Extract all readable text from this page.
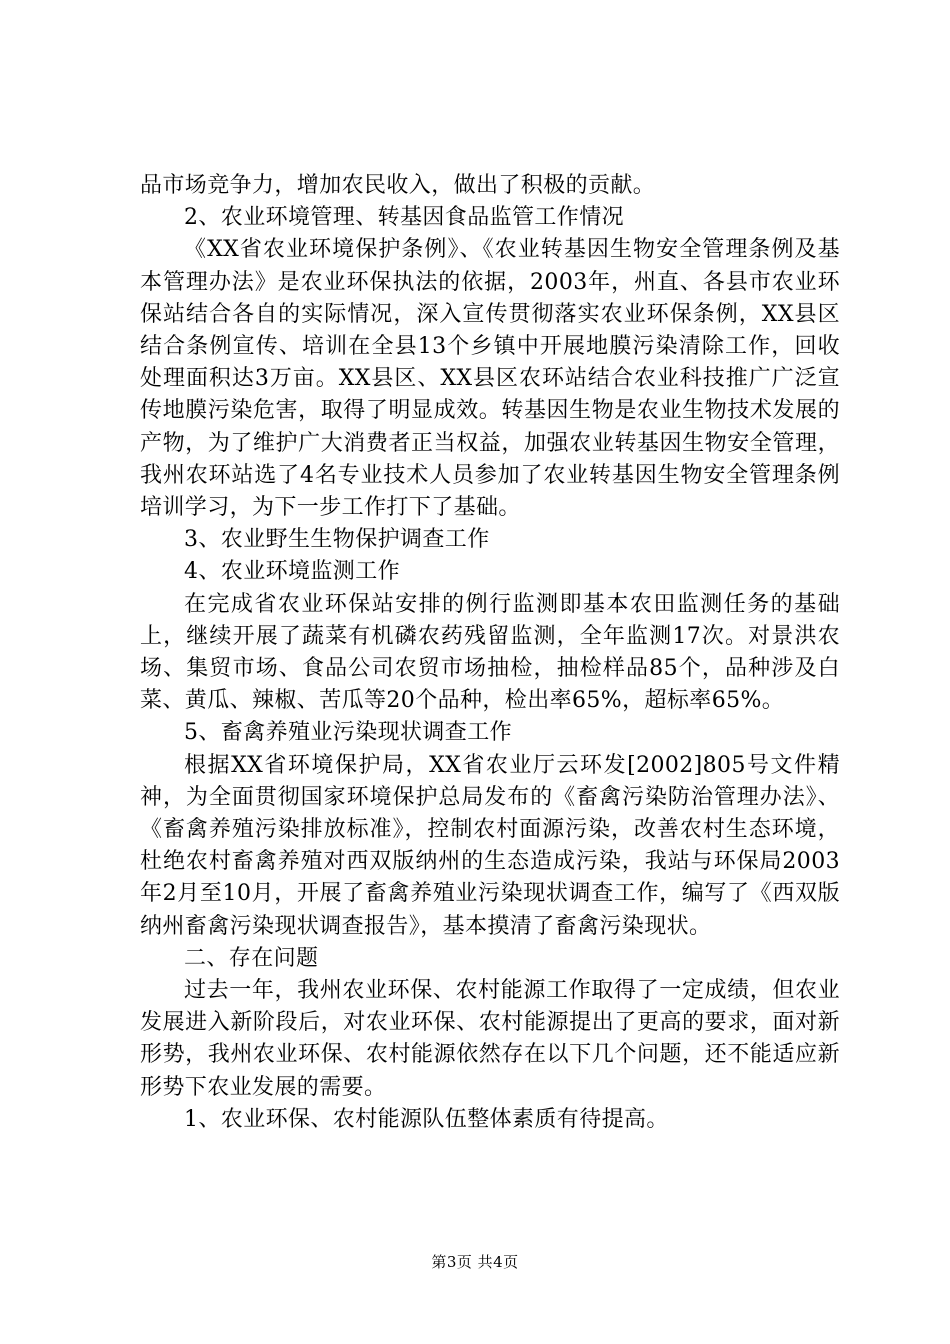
品市场竞争力，增加农民收入，做出了积极的贡献。

2、农业环境管理、转基因食品监管工作情况

《XX省农业环境保护条例》、《农业转基因生物安全管理条例及基本管理办法》是农业环保执法的依据，2003年，州直、各县市农业环保站结合各自的实际情况，深入宣传贯彻落实农业环保条例，XX县区结合条例宣传、培训在全县13个乡镇中开展地膜污染清除工作，回收处理面积达3万亩。XX县区、XX县区农环站结合农业科技推广广泛宣传地膜污染危害，取得了明显成效。转基因生物是农业生物技术发展的产物，为了维护广大消费者正当权益，加强农业转基因生物安全管理，我州农环站选了4名专业技术人员参加了农业转基因生物安全管理条例培训学习，为下一步工作打下了基础。

3、农业野生生物保护调查工作

4、农业环境监测工作

在完成省农业环保站安排的例行监测即基本农田监测任务的基础上，继续开展了蔬菜有机磷农药残留监测，全年监测17次。对景洪农场、集贸市场、食品公司农贸市场抽检，抽检样品85个，品种涉及白菜、黄瓜、辣椒、苦瓜等20个品种，检出率65%，超标率65%。

5、畜禽养殖业污染现状调查工作

根据XX省环境保护局，XX省农业厅云环发[2002]805号文件精神，为全面贯彻国家环境保护总局发布的《畜禽污染防治管理办法》、《畜禽养殖污染排放标准》，控制农村面源污染，改善农村生态环境，杜绝农村畜禽养殖对西双版纳州的生态造成污染，我站与环保局2003年2月至10月，开展了畜禽养殖业污染现状调查工作，编写了《西双版纳州畜禽污染现状调查报告》，基本摸清了畜禽污染现状。

二、存在问题

过去一年，我州农业环保、农村能源工作取得了一定成绩，但农业发展进入新阶段后，对农业环保、农村能源提出了更高的要求，面对新形势，我州农业环保、农村能源依然存在以下几个问题，还不能适应新形势下农业发展的需要。

1、农业环保、农村能源队伍整体素质有待提高。

第3页 共4页
